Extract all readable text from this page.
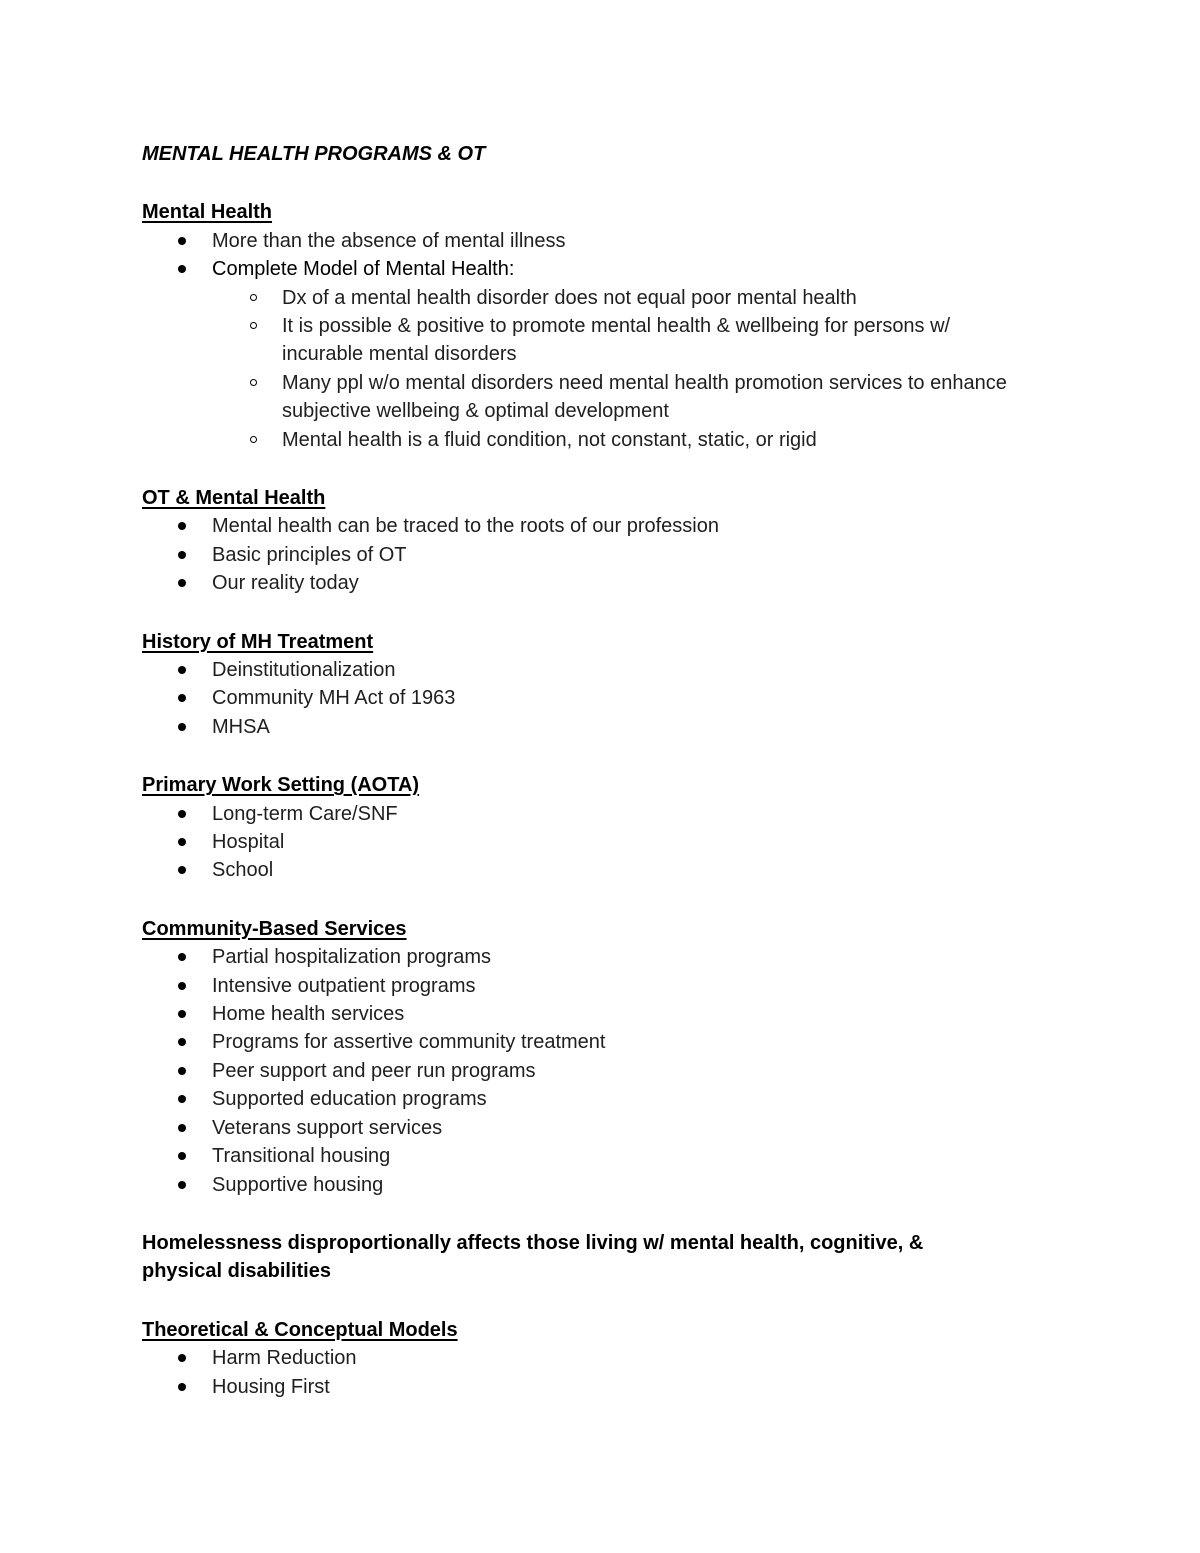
MENTAL HEALTH PROGRAMS & OT
Mental Health
More than the absence of mental illness
Complete Model of Mental Health:
Dx of a mental health disorder does not equal poor mental health
It is possible & positive to promote mental health & wellbeing for persons w/ incurable mental disorders
Many ppl w/o mental disorders need mental health promotion services to enhance subjective wellbeing & optimal development
Mental health is a fluid condition, not constant, static, or rigid
OT & Mental Health
Mental health can be traced to the roots of our profession
Basic principles of OT
Our reality today
History of MH Treatment
Deinstitutionalization
Community MH Act of 1963
MHSA
Primary Work Setting (AOTA)
Long-term Care/SNF
Hospital
School
Community-Based Services
Partial hospitalization programs
Intensive outpatient programs
Home health services
Programs for assertive community treatment
Peer support and peer run programs
Supported education programs
Veterans support services
Transitional housing
Supportive housing
Homelessness disproportionally affects those living w/ mental health, cognitive, & physical disabilities
Theoretical & Conceptual Models
Harm Reduction
Housing First
